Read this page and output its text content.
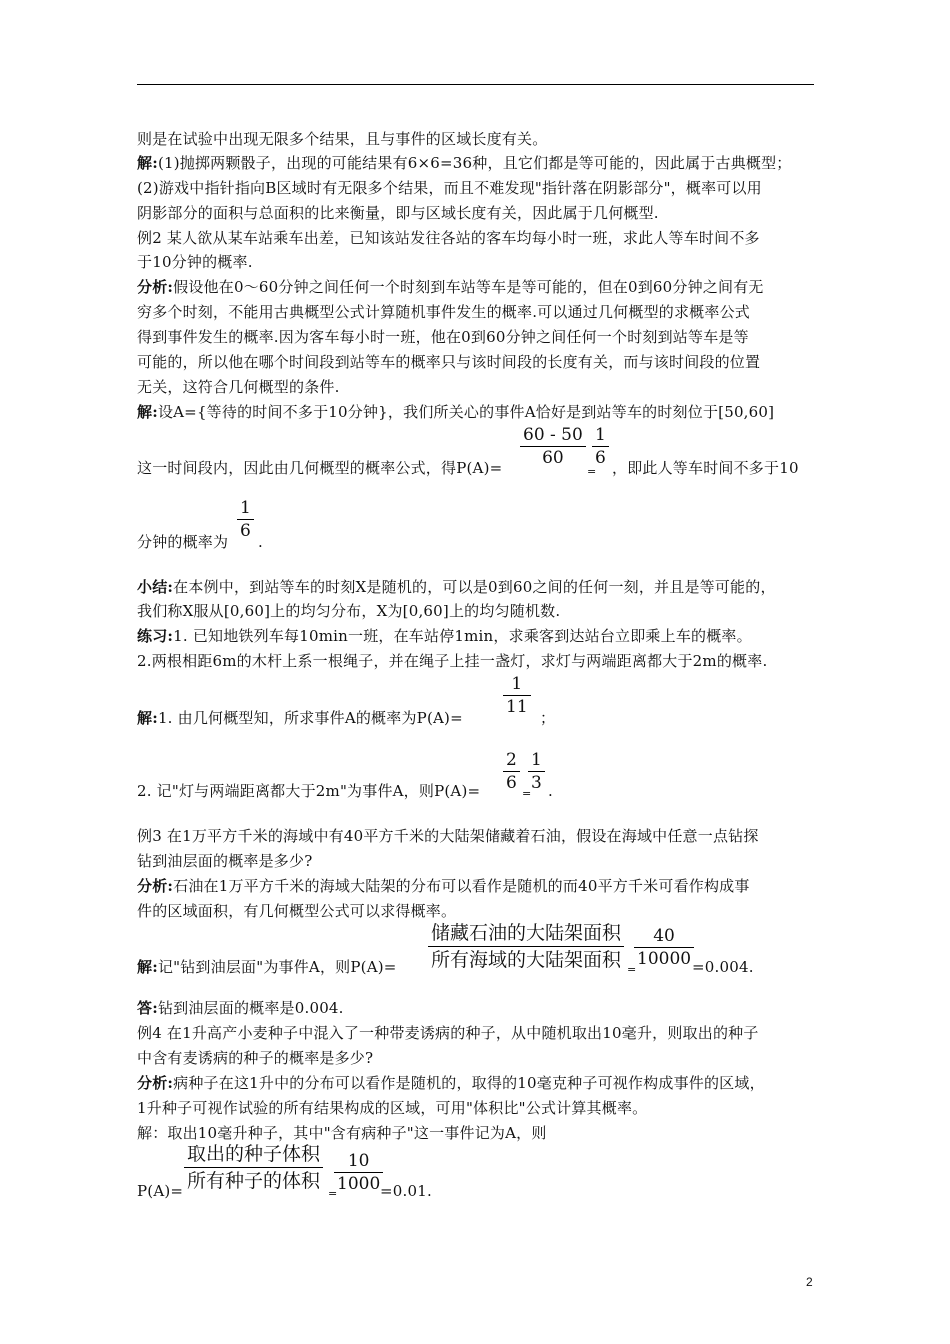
则是在试验中出现无限多个结果，且与事件的区域长度有关。
解:(1)抛掷两颗骰子，出现的可能结果有6×6=36种，且它们都是等可能的，因此属于古典概型；
(2)游戏中指针指向B区域时有无限多个结果，而且不难发现"指针落在阴影部分"，概率可以用
阴影部分的面积与总面积的比来衡量，即与区域长度有关，因此属于几何概型.
例2 某人欲从某车站乘车出差，已知该站发往各站的客车均每小时一班，求此人等车时间不多
于10分钟的概率.
分析:假设他在0～60分钟之间任何一个时刻到车站等车是等可能的，但在0到60分钟之间有无
穷多个时刻，不能用古典概型公式计算随机事件发生的概率.可以通过几何概型的求概率公式
得到事件发生的概率.因为客车每小时一班，他在0到60分钟之间任何一个时刻到站等车是等
可能的，所以他在哪个时间段到站等车的概率只与该时间段的长度有关，而与该时间段的位置
无关，这符合几何概型的条件.
解:设A={等待的时间不多于10分钟}，我们所关心的事件A恰好是到站等车的时刻位于[50,60]
这一时间段内，因此由几何概型的概率公式，得$P(A)= \frac{60 - 50}{60}$
=
$\frac{1}{6}$ ，即此人等车时间不多于10
$\frac{1}{6}$
分钟的概率为 .
小结:在本例中，到站等车的时刻X是随机的，可以是0到60之间的任何一刻，并且是等可能的，
我们称X服从[0,60]上的均匀分布，X为[0,60]上的均匀随机数.
练习:1. 已知地铁列车每10min一班，在车站停1min，求乘客到达站台立即乘上车的概率。
2.两根相距6m的木杆上系一根绳子，并在绳子上挂一盏灯，求灯与两端距离都大于2m的概率.
$\frac{1}{11}$
解:1. 由几何概型知，所求事件A的概率为P(A)=	；
2. 记"灯与两端距离都大于2m"为事件A，则$P(A)= \frac{2}{6}$ =
$\frac{1}{3}$ .
例3 在1万平方千米的海域中有40平方千米的大陆架储藏着石油，假设在海域中任意一点钻探
钻到油层面的概率是多少?
分析:石油在1万平方千米的海域大陆架的分布可以看作是随机的而40平方千米可看作构成事
件的区域面积，有几何概型公式可以求得概率。
储藏石油的大陆架面积
所有海域的大陆架面积
解:记"钻到油层面"为事件A，则P(A)=	=
$\frac{40}{10000}$
=0.004.
答:钻到油层面的概率是0.004.
例4 在1升高产小麦种子中混入了一种带麦诱病的种子，从中随机取出10毫升，则取出的种子
中含有麦诱病的种子的概率是多少?
分析:病种子在这1升中的分布可以看作是随机的，取得的10毫克种子可视作构成事件的区域，
1升种子可视作试验的所有结果构成的区域，可用"体积比"公式计算其概率。
解：取出10毫升种子，其中"含有病种子"这一事件记为A，则
取出的种子体积
所有种子的体积
P(A)=	=
$\frac{10}{1000}$
=0.01.
2
